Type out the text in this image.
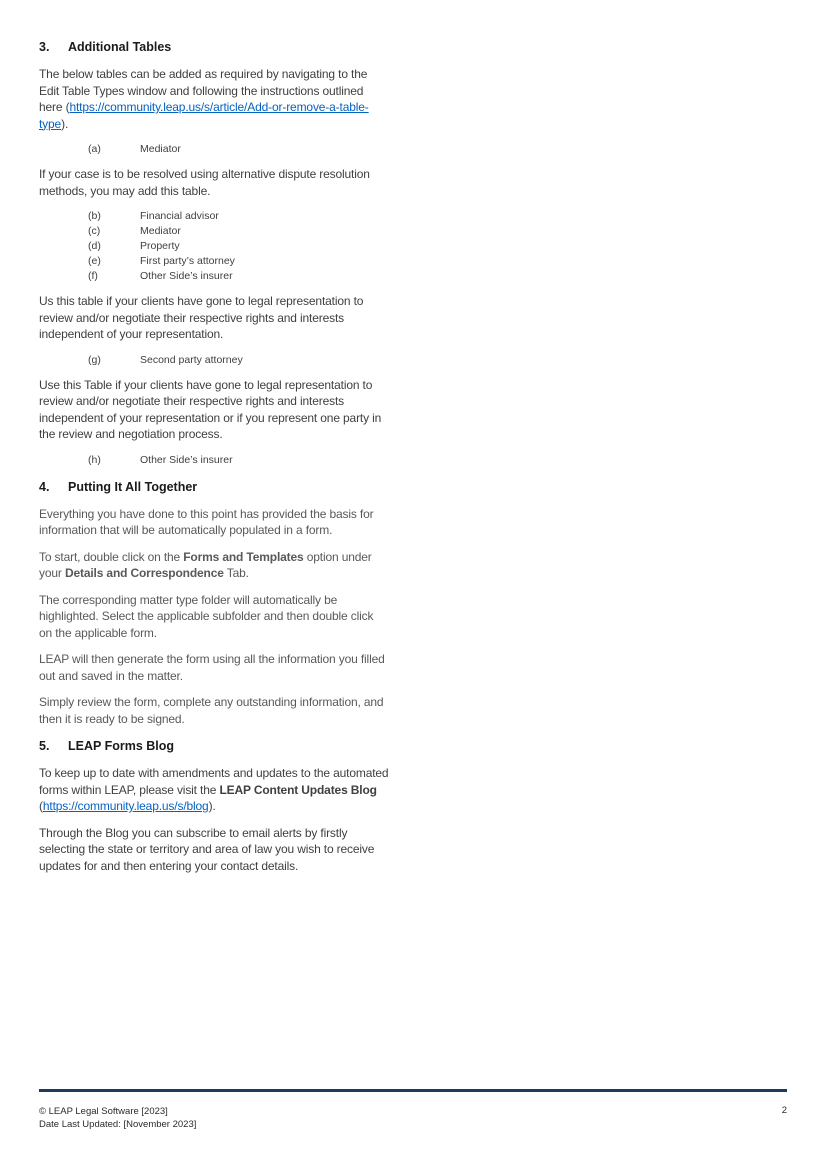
3. Additional Tables

The below tables can be added as required by navigating to the Edit Table Types window and following the instructions outlined here (https://community.leap.us/s/article/Add-or-remove-a-table-type).

(a)	Mediator

If your case is to be resolved using alternative dispute resolution methods, you may add this table.

(b)	Financial advisor
(c)	Mediator
(d)	Property
(e)	First party’s attorney
(f)	Other Side’s insurer

Us this table if your clients have gone to legal representation to review and/or negotiate their respective rights and interests independent of your representation.

(g)	Second party attorney

Use this Table if your clients have gone to legal representation to review and/or negotiate their respective rights and interests independent of your representation or if you represent one party in the review and negotiation process.

(h)	Other Side’s insurer
4. Putting It All Together

Everything you have done to this point has provided the basis for information that will be automatically populated in a form.

To start, double click on the Forms and Templates option under your Details and Correspondence Tab.

The corresponding matter type folder will automatically be highlighted. Select the applicable subfolder and then double click on the applicable form.

LEAP will then generate the form using all the information you filled out and saved in the matter.

Simply review the form, complete any outstanding information, and then it is ready to be signed.

5. LEAP Forms Blog

To keep up to date with amendments and updates to the automated forms within LEAP, please visit the LEAP Content Updates Blog (https://community.leap.us/s/blog).

Through the Blog you can subscribe to email alerts by firstly selecting the state or territory and area of law you wish to receive updates for and then entering your contact details.

© LEAP Legal Software [2023]
Date Last Updated: [November 2023]
2
